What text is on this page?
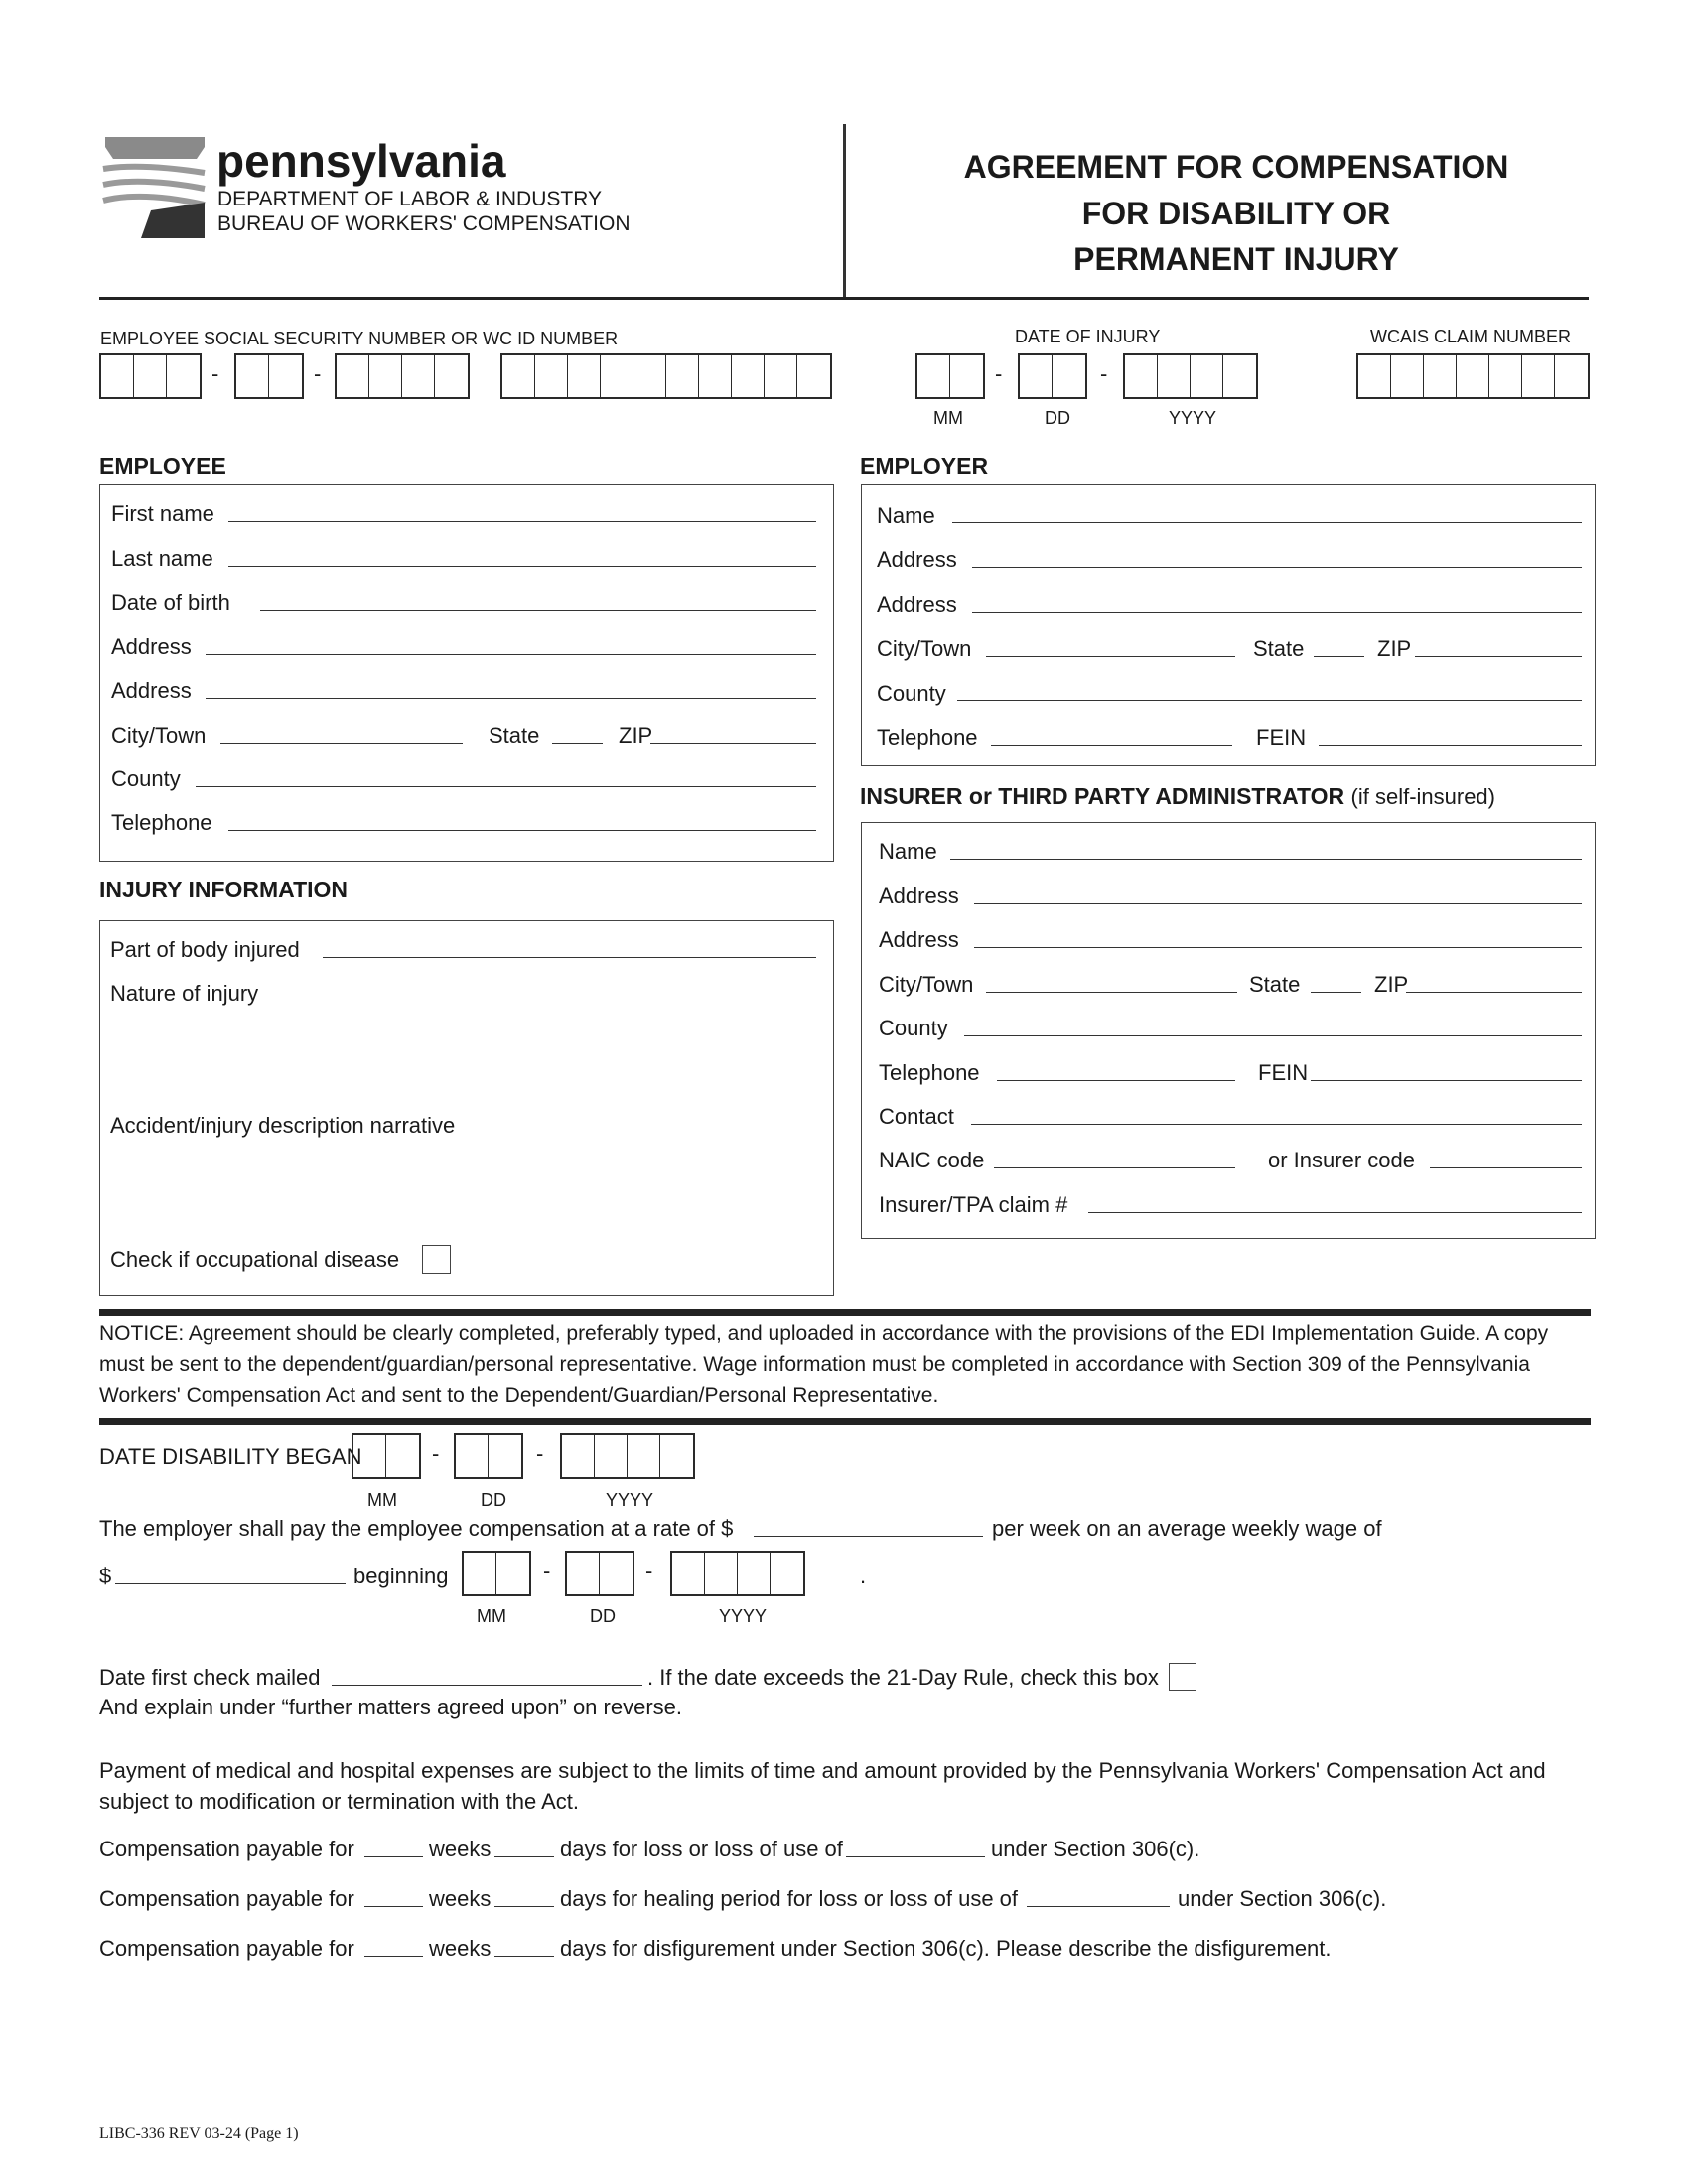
pennsylvania
DEPARTMENT OF LABOR & INDUSTRY
BUREAU OF WORKERS' COMPENSATION
AGREEMENT FOR COMPENSATION
FOR DISABILITY OR
PERMANENT INJURY
EMPLOYEE SOCIAL SECURITY NUMBER OR WC ID NUMBER
-	-
DATE OF INJURY
-	-
MM	DD	YYYY
WCAIS CLAIM NUMBER
EMPLOYEE
First name
Last name
Date of birth
Address
Address
City/Town	State	ZIP
County
Telephone
INJURY INFORMATION
Part of body injured
Nature of injury
Accident/injury description narrative
Check if occupational disease
EMPLOYER
Name
Address
Address
City/Town	State	ZIP
County
Telephone	FEIN
INSURER or THIRD PARTY ADMINISTRATOR (if self-insured)
Name
Address
Address
City/Town	State	ZIP
County
Telephone	FEIN
Contact
NAIC code	or Insurer code
Insurer/TPA claim #
NOTICE: Agreement should be clearly completed, preferably typed, and uploaded in accordance with the provisions of the EDI Implementation Guide. A copy must be sent to the dependent/guardian/personal representative. Wage information must be completed in accordance with Section 309 of the Pennsylvania Workers' Compensation Act and sent to the Dependent/Guardian/Personal Representative.
DATE DISABILITY BEGAN	-	-
MM	DD	YYYY
The employer shall pay the employee compensation at a rate of $	per week on an average weekly wage of
$	beginning	-	-	.
MM	DD	YYYY
Date first check mailed	. If the date exceeds the 21-Day Rule, check this box
And explain under “further matters agreed upon” on reverse.
Payment of medical and hospital expenses are subject to the limits of time and amount provided by the Pennsylvania Workers' Compensation Act and subject to modification or termination with the Act.
Compensation payable for	weeks	days for loss or loss of use of	under Section 306(c).
Compensation payable for	weeks	days for healing period for loss or loss of use of	under Section 306(c).
Compensation payable for	weeks	days for disfigurement under Section 306(c). Please describe the disfigurement.
LIBC-336 REV 03-24 (Page 1)
